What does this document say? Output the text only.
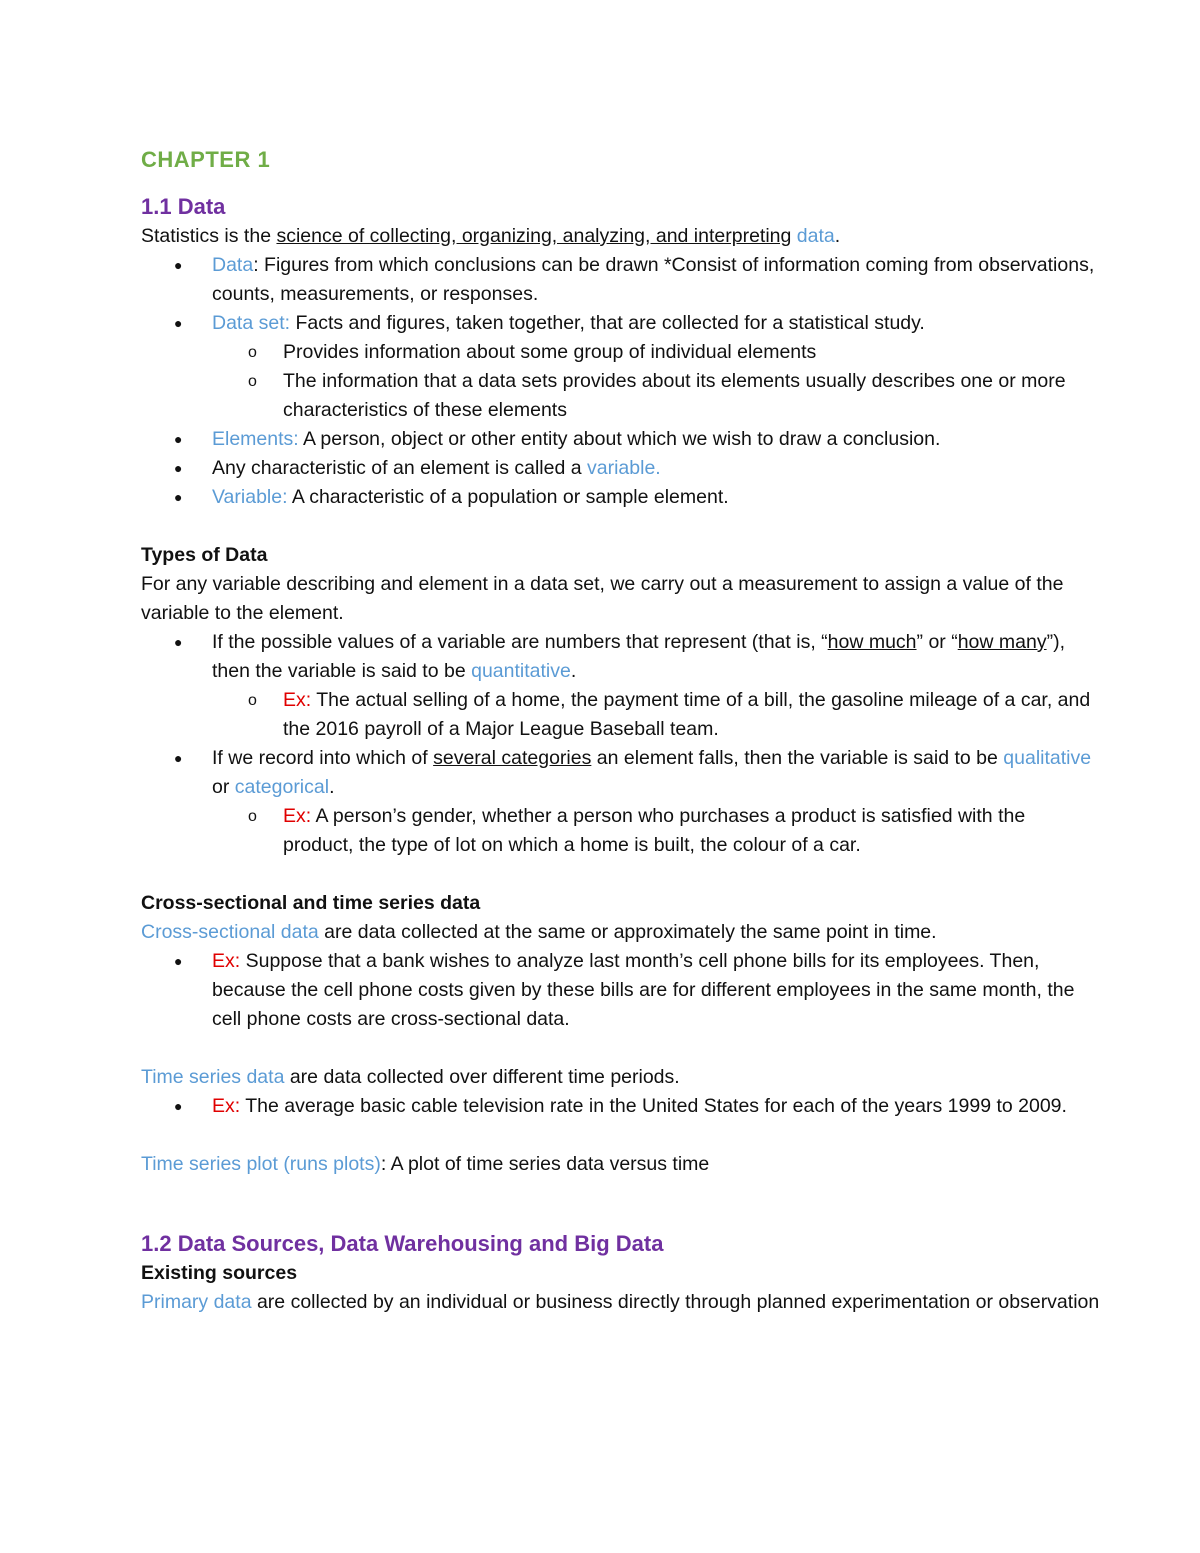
CHAPTER 1
1.1 Data

Statistics is the science of collecting, organizing, analyzing, and interpreting data.

● Data: Figures from which conclusions can be drawn *Consist of information coming from observations, counts, measurements, or responses.
● Data set: Facts and figures, taken together, that are collected for a statistical study.
o Provides information about some group of individual elements
o The information that a data sets provides about its elements usually describes one or more characteristics of these elements
● Elements: A person, object or other entity about which we wish to draw a conclusion.
● Any characteristic of an element is called a variable.
● Variable: A characteristic of a population or sample element.
Types of Data

For any variable describing and element in a data set, we carry out a measurement to assign a value of the variable to the element.

● If the possible values of a variable are numbers that represent (that is, “how much” or “how many”), then the variable is said to be quantitative.
o Ex: The actual selling of a home, the payment time of a bill, the gasoline mileage of a car, and the 2016 payroll of a Major League Baseball team.
● If we record into which of several categories an element falls, then the variable is said to be qualitative or categorical.
o Ex: A person’s gender, whether a person who purchases a product is satisfied with the product, the type of lot on which a home is built, the colour of a car.
Cross-sectional and time series data

Cross-sectional data are data collected at the same or approximately the same point in time.

● Ex: Suppose that a bank wishes to analyze last month’s cell phone bills for its employees. Then, because the cell phone costs given by these bills are for different employees in the same month, the cell phone costs are cross-sectional data.

Time series data are data collected over different time periods.

● Ex: The average basic cable television rate in the United States for each of the years 1999 to 2009.

Time series plot (runs plots): A plot of time series data versus time

1.2 Data Sources, Data Warehousing and Big Data
Existing sources

Primary data are collected by an individual or business directly through planned experimentation or observation
